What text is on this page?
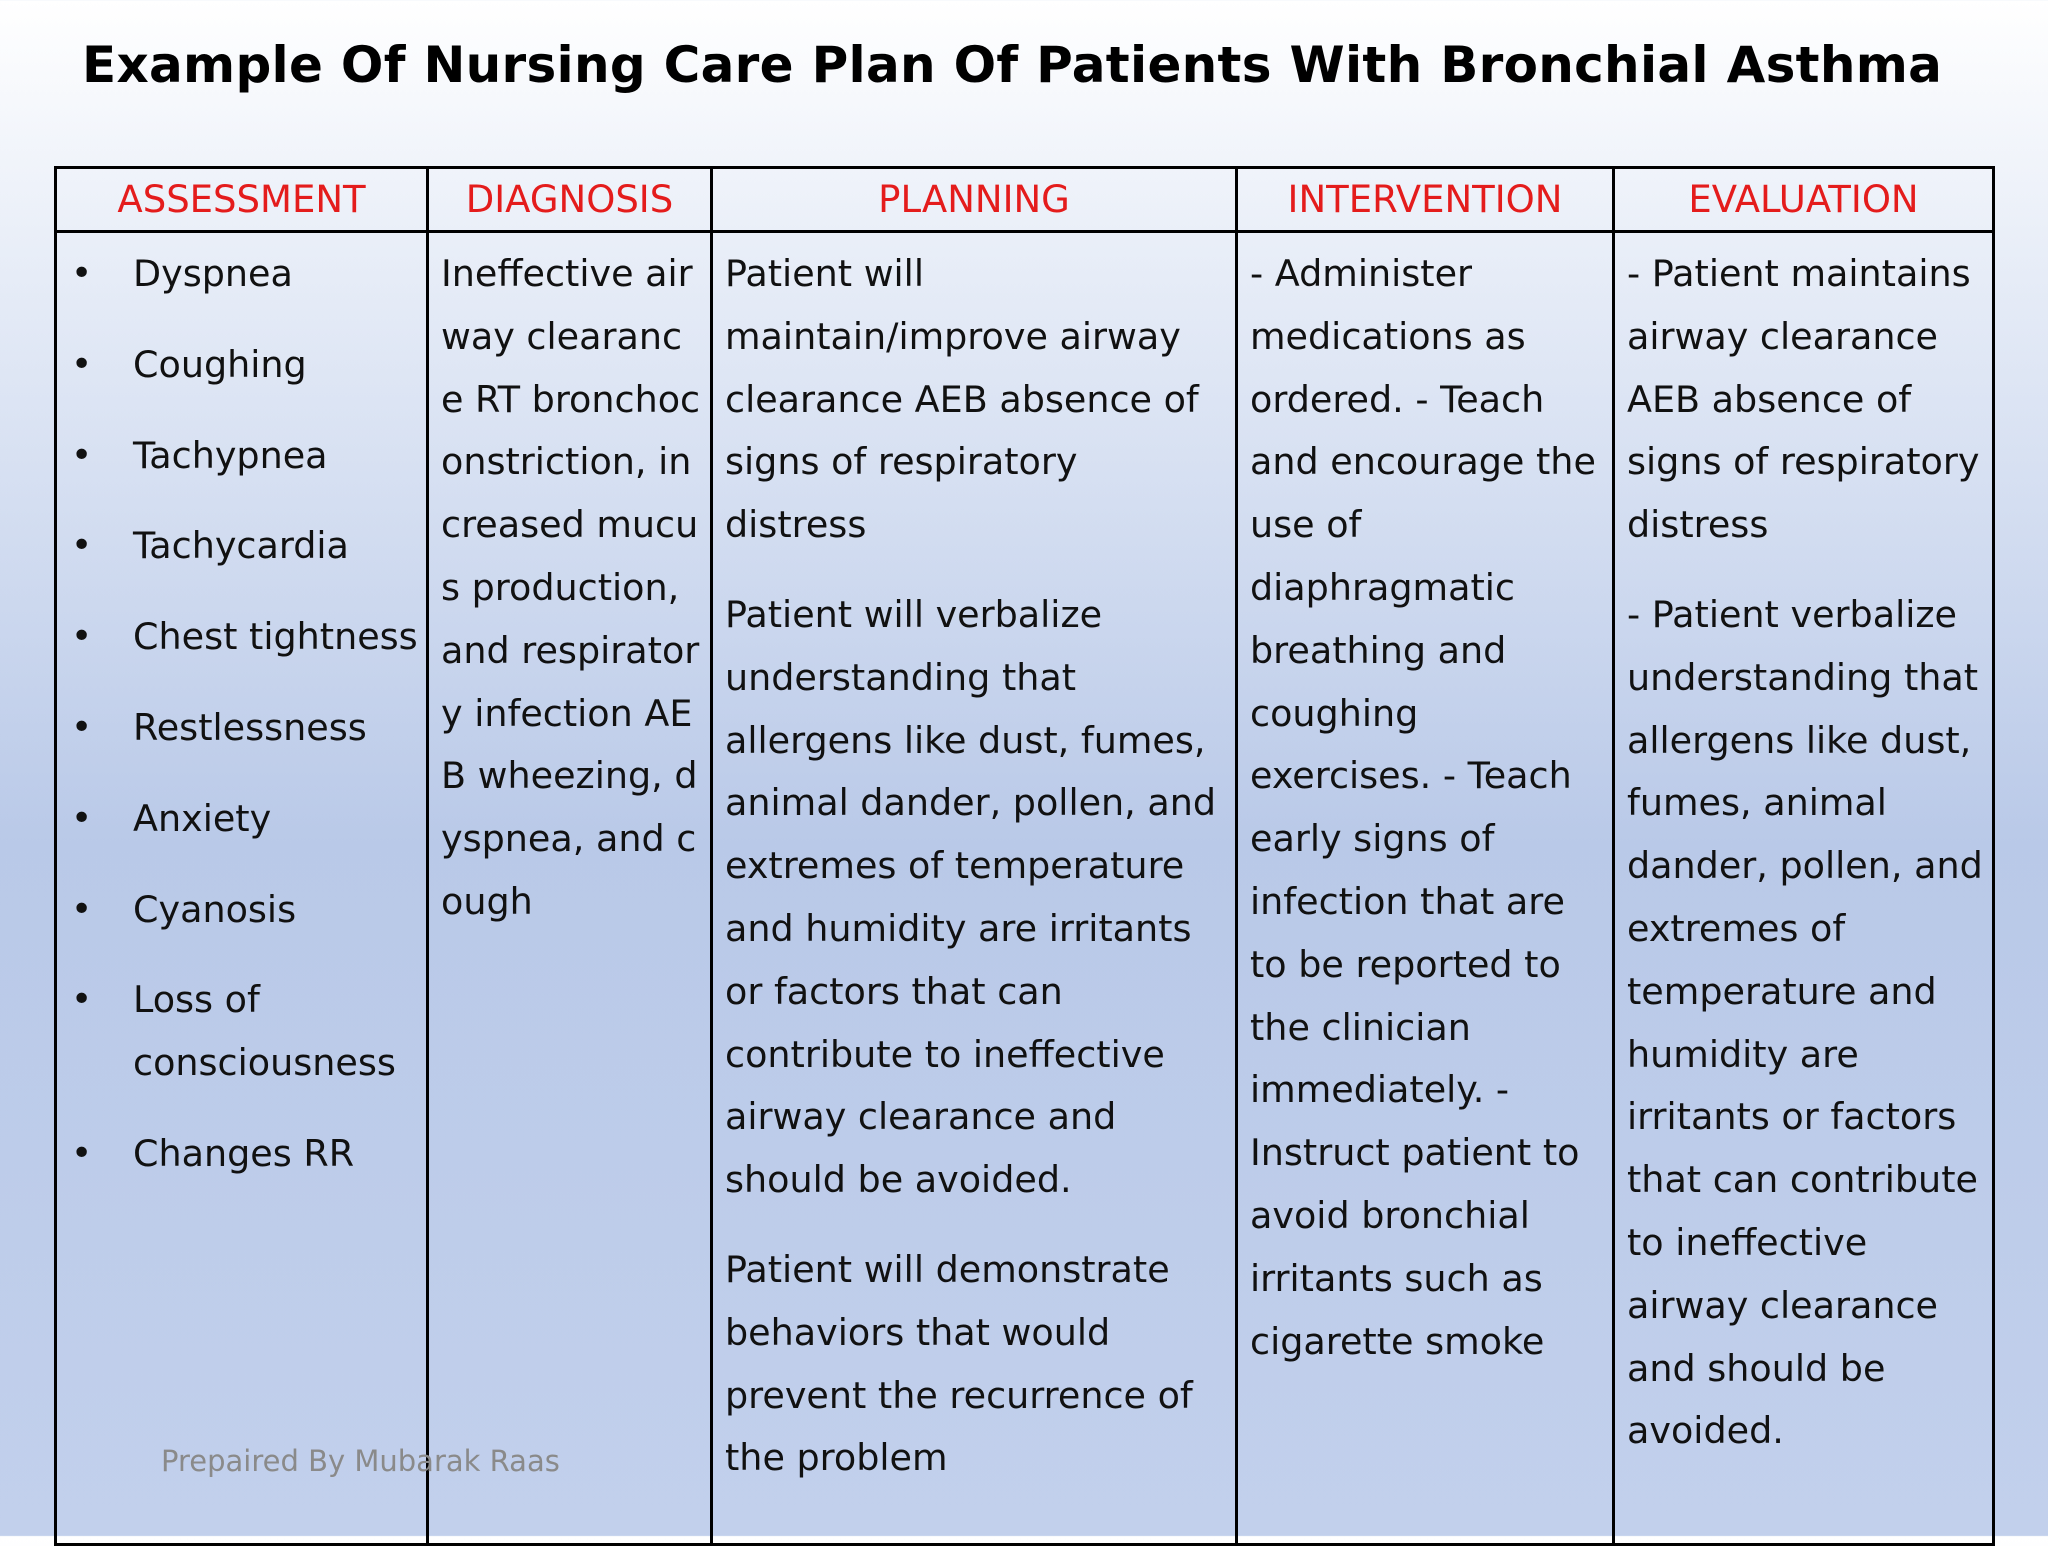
Example Of Nursing Care Plan Of Patients With Bronchial Asthma
ASSESSMENT
• Dyspnea
• Coughing
• Tachypnea
• Tachycardia
• Chest tightness
• Restlessness
• Anxiety
• Cyanosis
• Loss of consciousness
• Changes RR
DIAGNOSIS

Ineffective airway clearance RT bronchoconstriction, increased mucus production, and respiratory infection AEB wheezing, dyspnea, and cough

PLANNING

Patient will maintain/improve airway clearance AEB absence of signs of respiratory distress

Patient will verbalize understanding that allergens like dust, fumes, animal dander, pollen, and extremes of temperature and humidity are irritants or factors that can contribute to ineffective airway clearance and should be avoided.

Patient will demonstrate behaviors that would prevent the recurrence of the problem

INTERVENTION

- Administer medications as ordered. - Teach and encourage the use of diaphragmatic breathing and coughing exercises. - Teach early signs of infection that are to be reported to the clinician immediately. - Instruct patient to avoid bronchial irritants such as cigarette smoke

EVALUATION

- Patient maintains airway clearance AEB absence of signs of respiratory distress

- Patient verbalize understanding that allergens like dust, fumes, animal dander, pollen, and extremes of temperature and humidity are irritants or factors that can contribute to ineffective airway clearance and should be avoided.

Prepaired By Mubarak Raas
